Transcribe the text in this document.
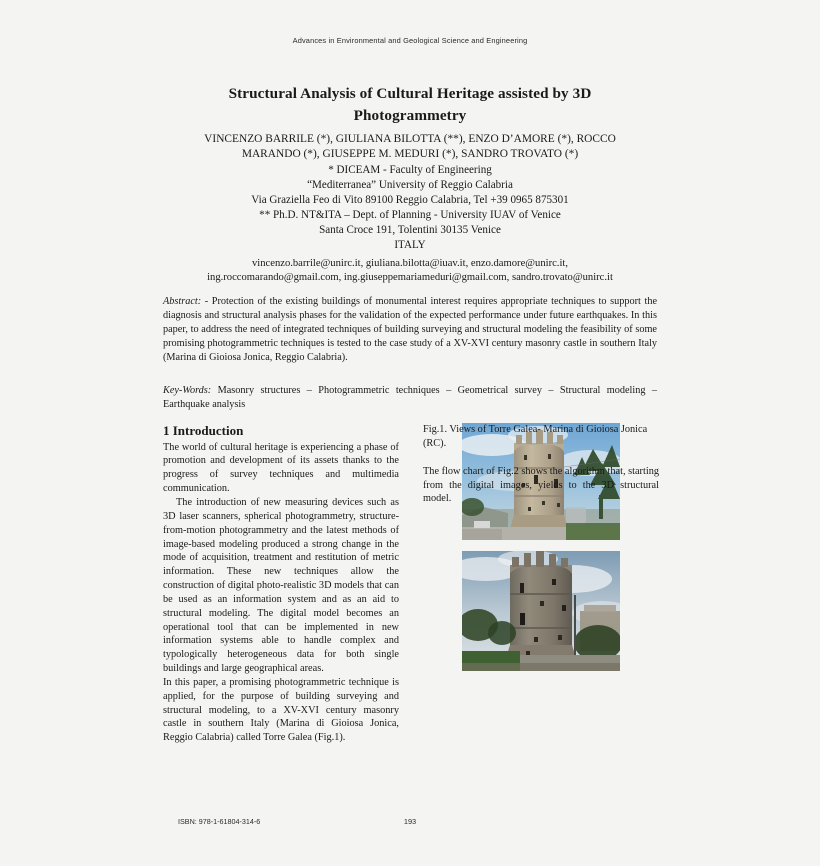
Advances in Environmental and Geological Science and Engineering
Structural Analysis of Cultural Heritage assisted by 3D Photogrammetry
VINCENZO BARRILE (*), GIULIANA BILOTTA (**), ENZO D’AMORE (*), ROCCO
MARANDO (*), GIUSEPPE M. MEDURI (*), SANDRO TROVATO (*)
* DICEAM - Faculty of Engineering
“Mediterranea” University of Reggio Calabria
Via Graziella Feo di Vito 89100 Reggio Calabria, Tel +39 0965 875301
** Ph.D. NT&ITA – Dept. of Planning - University IUAV of Venice
Santa Croce 191, Tolentini 30135 Venice
ITALY
vincenzo.barrile@unirc.it, giuliana.bilotta@iuav.it, enzo.damore@unirc.it,
ing.roccomarando@gmail.com, ing.giuseppemariameduri@gmail.com, sandro.trovato@unirc.it
Abstract: - Protection of the existing buildings of monumental interest requires appropriate techniques to support the diagnosis and structural analysis phases for the validation of the expected performance under future earthquakes. In this paper, to address the need of integrated techniques of building surveying and structural modeling the feasibility of some promising photogrammetric techniques is tested to the case study of a XV-XVI century masonry castle in southern Italy (Marina di Gioiosa Jonica, Reggio Calabria).
Key-Words: Masonry structures – Photogrammetric techniques – Geometrical survey – Structural modeling – Earthquake analysis
1 Introduction

The world of cultural heritage is experiencing a phase of promotion and development of its assets thanks to the progress of survey techniques and multimedia communication.

The introduction of new measuring devices such as 3D laser scanners, spherical photogrammetry, structure-from-motion photogrammetry and the latest methods of image-based modeling produced a strong change in the mode of acquisition, treatment and restitution of metric information. These new techniques allow the construction of digital photo-realistic 3D models that can be used as an information system and as an aid to structural modeling. The digital model becomes an operational tool that can be implemented in new information systems able to handle complex and typologically heterogeneous data for both single buildings and large geographical areas.

In this paper, a promising photogrammetric technique is applied, for the purpose of building surveying and structural modeling, to a XV-XVI century masonry castle in southern Italy (Marina di Gioiosa Jonica, Reggio Calabria) called Torre Galea (Fig.1).

Fig.1. Views of Torre Galea- Marina di Gioiosa Jonica (RC).

The flow chart of Fig.2 shows the algorithm that, starting from the digital images, yields to the 3D structural model.

ISBN: 978-1-61804-314-6	193
